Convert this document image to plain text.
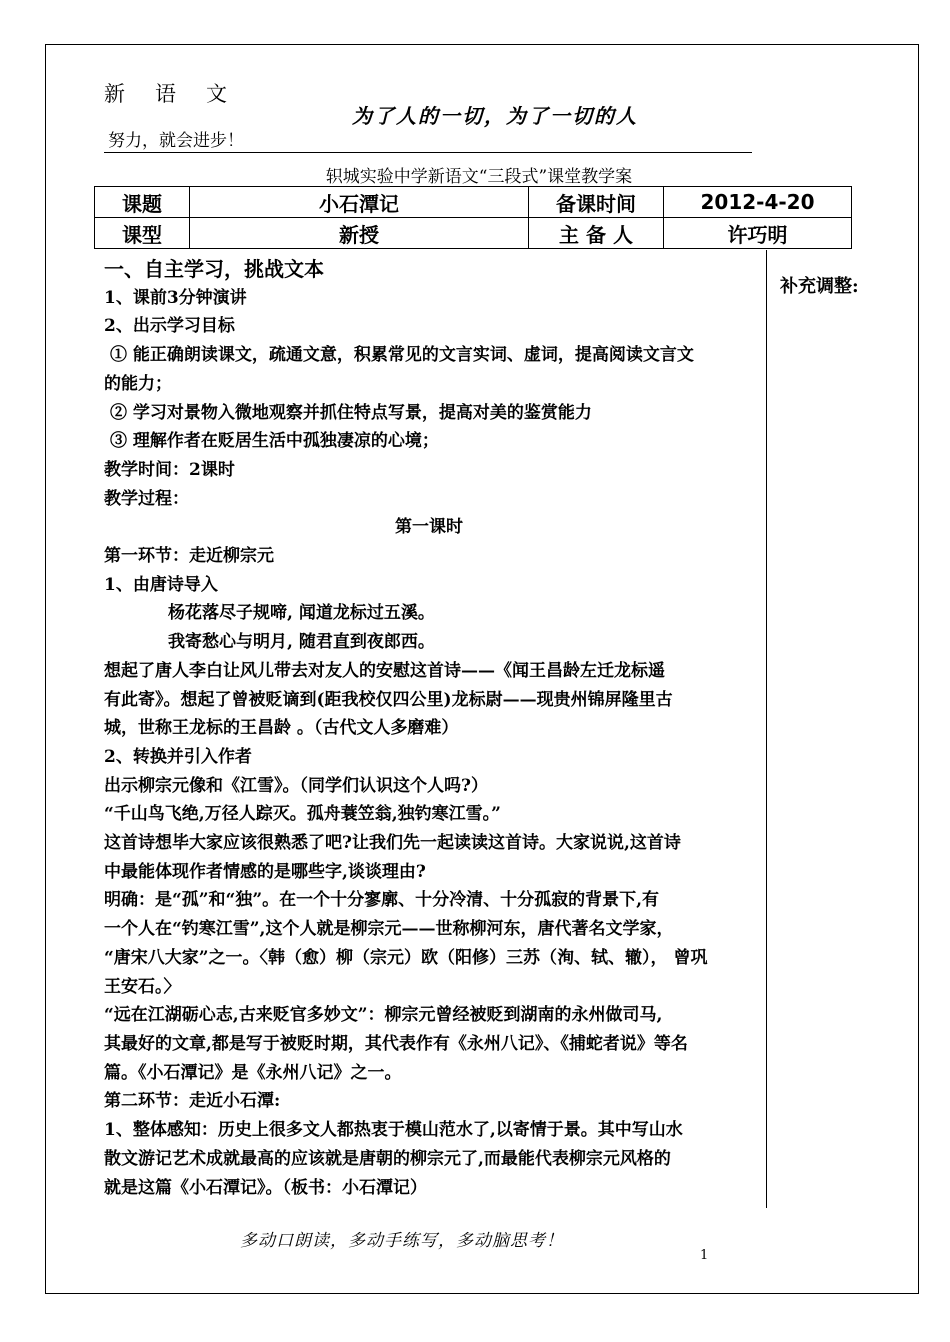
新语文
努力，就会进步！
为了人的一切，为了一切的人
轵城实验中学新语文“三段式”课堂教学案
课题	小石潭记	备课时间	2012-4-20
课型	新授	主 备 人	许巧明
补充调整:

一、自主学习，挑战文本

1、课前3分钟演讲

2、出示学习目标

① 能正确朗读课文，疏通文意，积累常见的文言实词、虚词，提高阅读文言文

的能力；

② 学习对景物入微地观察并抓住特点写景，提高对美的鉴赏能力

③ 理解作者在贬居生活中孤独凄凉的心境；

教学时间：2课时

教学过程：

第一课时

第一环节：走近柳宗元

1、由唐诗导入

杨花落尽子规啼, 闻道龙标过五溪。

我寄愁心与明月, 随君直到夜郎西。

想起了唐人李白让风儿带去对友人的安慰这首诗——《闻王昌龄左迁龙标遥

有此寄》。想起了曾被贬谪到(距我校仅四公里)龙标尉——现贵州锦屏隆里古

城，世称王龙标的王昌龄 。（古代文人多磨难）

2、转换并引入作者

出示柳宗元像和《江雪》。（同学们认识这个人吗?）

“千山鸟飞绝,万径人踪灭。孤舟蓑笠翁,独钓寒江雪。”

这首诗想毕大家应该很熟悉了吧?让我们先一起读读这首诗。大家说说,这首诗

中最能体现作者情感的是哪些字,谈谈理由?

明确：是“孤”和“独”。在一个十分寥廓、十分冷清、十分孤寂的背景下,有

一个人在“钓寒江雪”,这个人就是柳宗元——世称柳河东，唐代著名文学家，

“唐宋八大家”之一。〈韩（愈）柳（宗元）欧（阳修）三苏（洵、轼、辙）， 曾巩

王安石。〉

“远在江湖砺心志,古来贬官多妙文”：柳宗元曾经被贬到湖南的永州做司马,

其最好的文章,都是写于被贬时期，其代表作有《永州八记》、《捕蛇者说》等名

篇。《小石潭记》是《永州八记》之一。

第二环节：走近小石潭:

1、整体感知：历史上很多文人都热衷于模山范水了,以寄情于景。其中写山水

散文游记艺术成就最高的应该就是唐朝的柳宗元了,而最能代表柳宗元风格的

就是这篇《小石潭记》。（板书：小石潭记）

多动口朗读，多动手练写，多动脑思考！
1
